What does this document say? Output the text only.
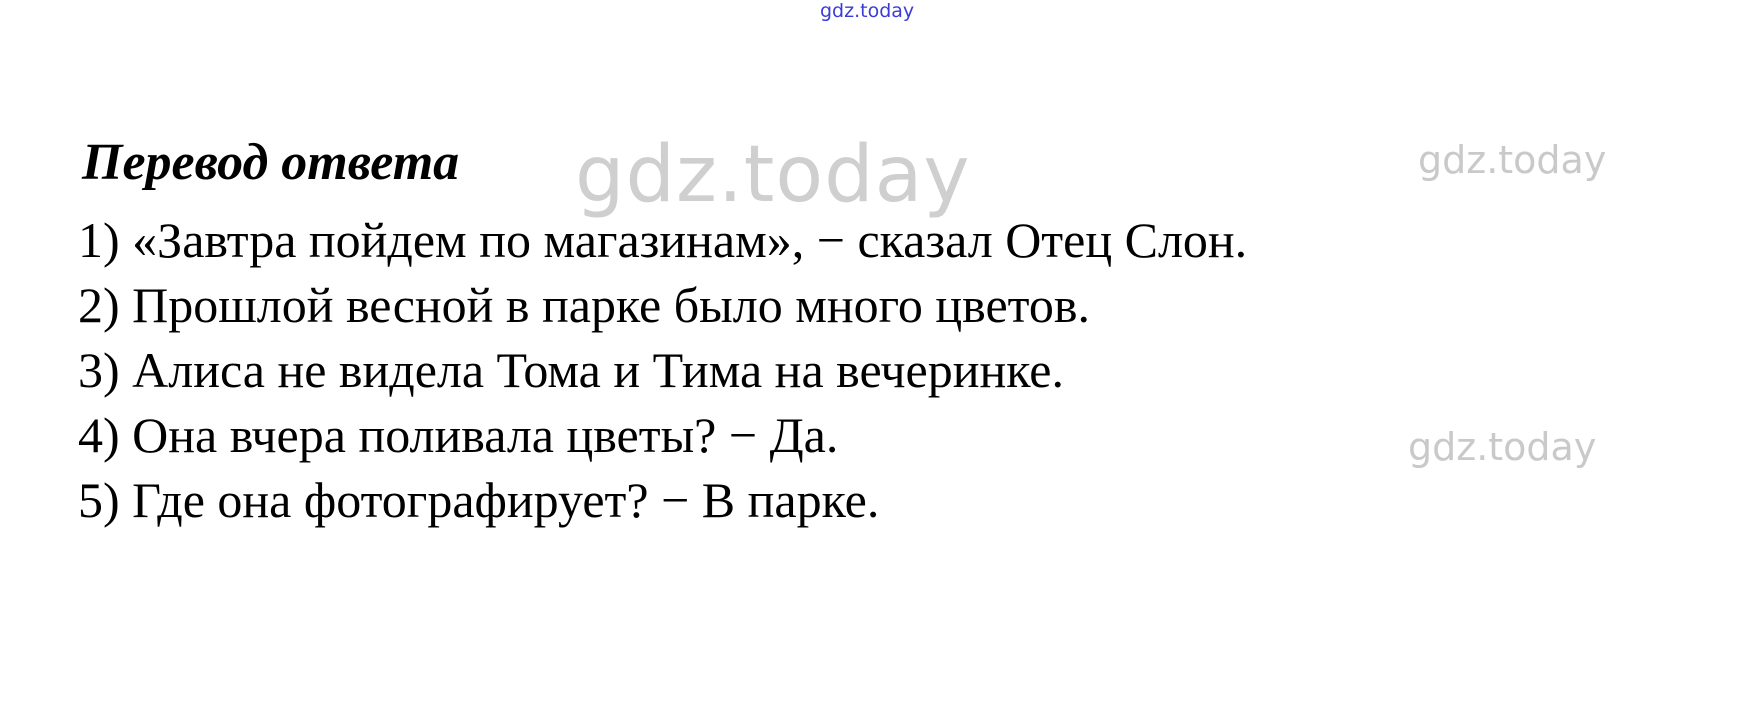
gdz.today
gdz.today	gdz.today
gdz.today
Перевод ответа
1) «Завтра пойдем по магазинам», − сказал Отец Слон.
2) Прошлой весной в парке было много цветов.
3) Алиса не видела Тома и Тима на вечеринке.
4) Она вчера поливала цветы? − Да.
5) Где она фотографирует? − В парке.
